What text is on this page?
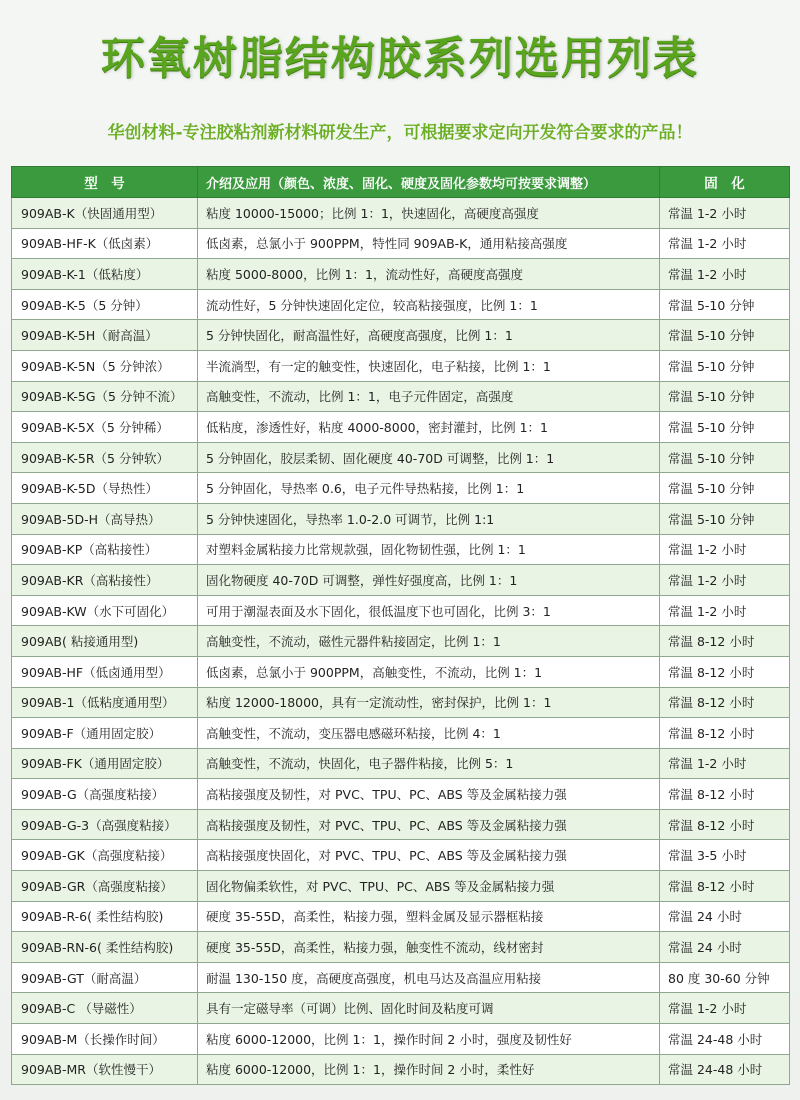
环氧树脂结构胶系列选用列表
华创材料-专注胶粘剂新材料研发生产，可根据要求定向开发符合要求的产品！
型　号	介绍及应用（颜色、浓度、固化、硬度及固化参数均可按要求调整）	固　化
909AB-K（快固通用型）	粘度 10000-15000；比例 1：1，快速固化，高硬度高强度	常温 1-2 小时
909AB-HF-K（低卤素）	低卤素，总氯小于 900PPM，特性同 909AB-K，通用粘接高强度	常温 1-2 小时
909AB-K-1（低粘度）	粘度 5000-8000，比例 1：1，流动性好，高硬度高强度	常温 1-2 小时
909AB-K-5（5 分钟）	流动性好，5 分钟快速固化定位，较高粘接强度，比例 1：1	常温 5-10 分钟
909AB-K-5H（耐高温）	5 分钟快固化，耐高温性好，高硬度高强度，比例 1：1	常温 5-10 分钟
909AB-K-5N（5 分钟浓）	半流淌型，有一定的触变性，快速固化，电子粘接，比例 1：1	常温 5-10 分钟
909AB-K-5G（5 分钟不流）	高触变性，不流动，比例 1：1，电子元件固定，高强度	常温 5-10 分钟
909AB-K-5X（5 分钟稀）	低粘度，渗透性好，粘度 4000-8000，密封灌封，比例 1：1	常温 5-10 分钟
909AB-K-5R（5 分钟软）	5 分钟固化，胶层柔韧、固化硬度 40-70D 可调整，比例 1：1	常温 5-10 分钟
909AB-K-5D（导热性）	5 分钟固化，导热率 0.6，电子元件导热粘接，比例 1：1	常温 5-10 分钟
909AB-5D-H（高导热）	5 分钟快速固化，导热率 1.0-2.0 可调节，比例 1:1	常温 5-10 分钟
909AB-KP（高粘接性）	对塑料金属粘接力比常规款强，固化物韧性强，比例 1：1	常温 1-2 小时
909AB-KR（高粘接性）	固化物硬度 40-70D 可调整，弹性好强度高，比例 1：1	常温 1-2 小时
909AB-KW（水下可固化）	可用于潮湿表面及水下固化，很低温度下也可固化，比例 3：1	常温 1-2 小时
909AB( 粘接通用型)	高触变性，不流动，磁性元器件粘接固定，比例 1：1	常温 8-12 小时
909AB-HF（低卤通用型）	低卤素，总氯小于 900PPM，高触变性，不流动，比例 1：1	常温 8-12 小时
909AB-1（低粘度通用型）	粘度 12000-18000，具有一定流动性，密封保护，比例 1：1	常温 8-12 小时
909AB-F（通用固定胶）	高触变性，不流动，变压器电感磁环粘接，比例 4：1	常温 8-12 小时
909AB-FK（通用固定胶）	高触变性，不流动，快固化，电子器件粘接，比例 5：1	常温 1-2 小时
909AB-G（高强度粘接）	高粘接强度及韧性，对 PVC、TPU、PC、ABS 等及金属粘接力强	常温 8-12 小时
909AB-G-3（高强度粘接）	高粘接强度及韧性，对 PVC、TPU、PC、ABS 等及金属粘接力强	常温 8-12 小时
909AB-GK（高强度粘接）	高粘接强度快固化，对 PVC、TPU、PC、ABS 等及金属粘接力强	常温 3-5 小时
909AB-GR（高强度粘接）	固化物偏柔软性，对 PVC、TPU、PC、ABS 等及金属粘接力强	常温 8-12 小时
909AB-R-6( 柔性结构胶)	硬度 35-55D，高柔性，粘接力强，塑料金属及显示器框粘接	常温 24 小时
909AB-RN-6( 柔性结构胶)	硬度 35-55D，高柔性，粘接力强，触变性不流动，线材密封	常温 24 小时
909AB-GT（耐高温）	耐温 130-150 度，高硬度高强度，机电马达及高温应用粘接	80 度 30-60 分钟
909AB-C （导磁性）	具有一定磁导率（可调）比例、固化时间及粘度可调	常温 1-2 小时
909AB-M（长操作时间）	粘度 6000-12000，比例 1：1，操作时间 2 小时，强度及韧性好	常温 24-48 小时
909AB-MR（软性慢干）	粘度 6000-12000，比例 1：1，操作时间 2 小时，柔性好	常温 24-48 小时
